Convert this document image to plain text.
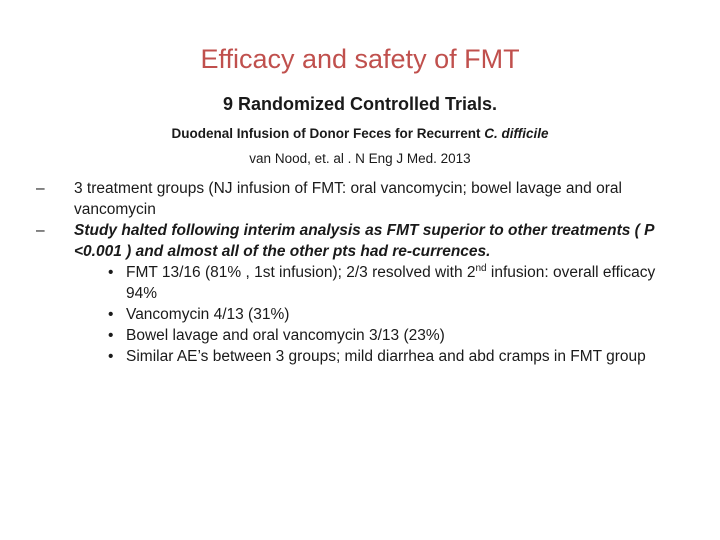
Efficacy and safety of FMT
9 Randomized Controlled Trials.
Duodenal Infusion of Donor Feces for Recurrent C. difficile
van Nood, et. al . N Eng J Med. 2013

– 3 treatment groups (NJ infusion of FMT: oral vancomycin; bowel lavage and oral vancomycin

– Study halted following interim analysis as FMT superior to other treatments ( P <0.001 ) and almost all of the other pts had re-currences.

• FMT 13/16 (81% , 1st infusion); 2/3 resolved with 2nd infusion: overall efficacy 94%

• Vancomycin 4/13 (31%)

• Bowel lavage and oral vancomycin 3/13 (23%)

• Similar AE’s between 3 groups; mild diarrhea and abd cramps in FMT group
